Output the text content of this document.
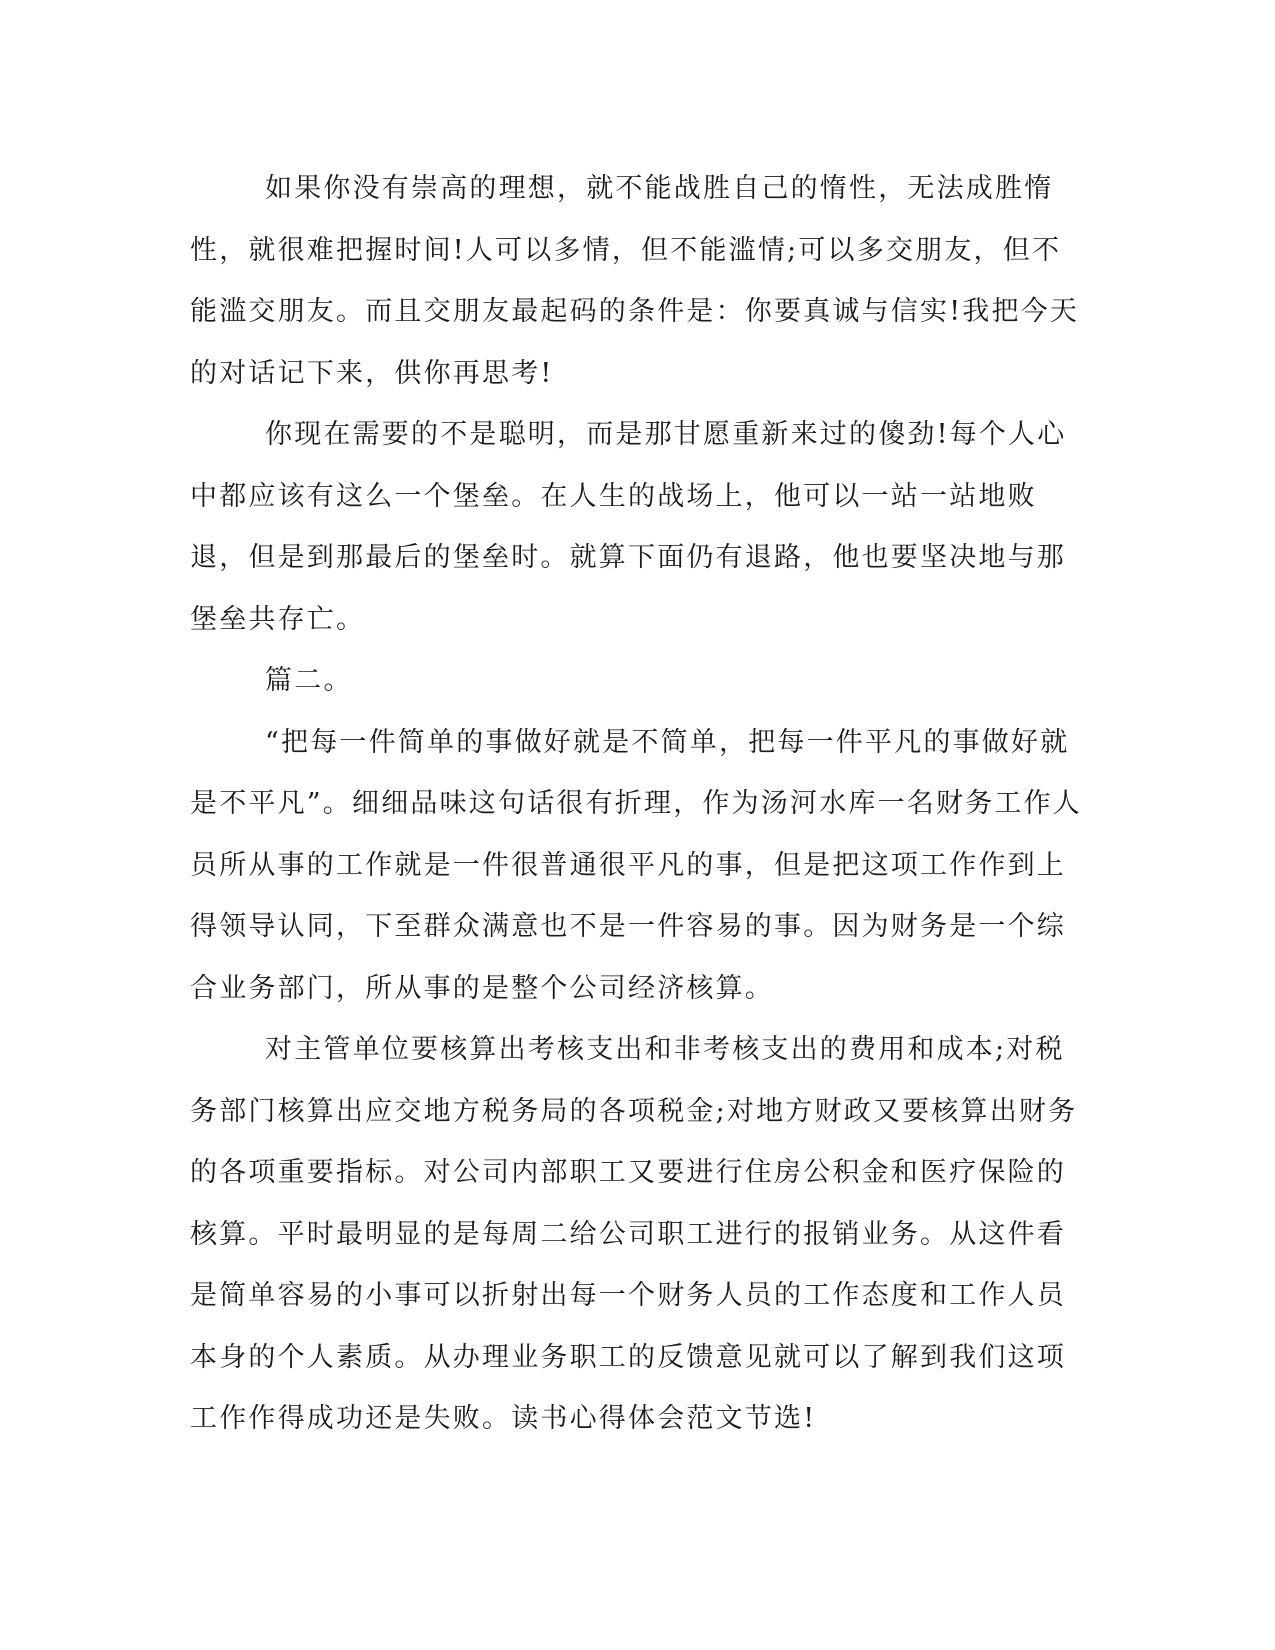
如果你没有崇高的理想，就不能战胜自己的惰性，无法成胜惰性，就很难把握时间!人可以多情，但不能滥情;可以多交朋友，但不能滥交朋友。而且交朋友最起码的条件是：你要真诚与信实!我把今天的对话记下来，供你再思考!

你现在需要的不是聪明，而是那甘愿重新来过的傻劲!每个人心中都应该有这么一个堡垒。在人生的战场上，他可以一站一站地败退，但是到那最后的堡垒时。就算下面仍有退路，他也要坚决地与那堡垒共存亡。

篇二。

“把每一件简单的事做好就是不简单，把每一件平凡的事做好就是不平凡”。细细品味这句话很有折理，作为汤河水库一名财务工作人员所从事的工作就是一件很普通很平凡的事，但是把这项工作作到上得领导认同，下至群众满意也不是一件容易的事。因为财务是一个综合业务部门，所从事的是整个公司经济核算。

对主管单位要核算出考核支出和非考核支出的费用和成本;对税务部门核算出应交地方税务局的各项税金;对地方财政又要核算出财务的各项重要指标。对公司内部职工又要进行住房公积金和医疗保险的核算。平时最明显的是每周二给公司职工进行的报销业务。从这件看是简单容易的小事可以折射出每一个财务人员的工作态度和工作人员本身的个人素质。从办理业务职工的反馈意见就可以了解到我们这项工作作得成功还是失败。读书心得体会范文节选!
